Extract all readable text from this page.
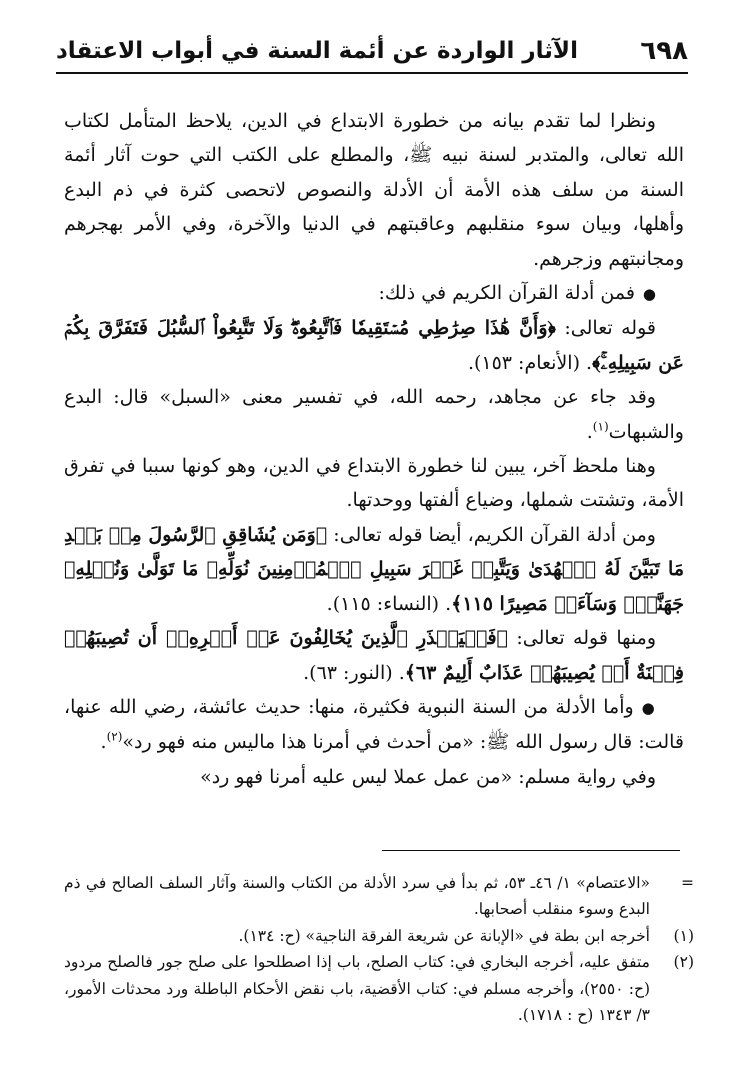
٦٩٨
الآثار الواردة عن أئمة السنة في أبواب الاعتقاد

ونظرا لما تقدم بيانه من خطورة الابتداع في الدين، يلاحظ المتأمل لكتاب الله تعالى، والمتدبر لسنة نبيه ﷺ، والمطلع على الكتب التي حوت آثار أئمة السنة من سلف هذه الأمة أن الأدلة والنصوص لاتحصى كثرة في ذم البدع وأهلها، وبيان سوء منقلبهم وعاقبتهم في الدنيا والآخرة، وفي الأمر بهجرهم ومجانبتهم وزجرهم.

● فمن أدلة القرآن الكريم في ذلك:

قوله تعالى: ﴿وَأَنَّ هَٰذَا صِرَٰطِي مُسۡتَقِيمٗا فَٱتَّبِعُوهُۖ وَلَا تَتَّبِعُواْ ٱلسُّبُلَ فَتَفَرَّقَ بِكُمۡ عَن سَبِيلِهِۦۚ﴾. (الأنعام: ١٥٣).

وقد جاء عن مجاهد، رحمه الله، في تفسير معنى «السبل» قال: البدع والشبهات$^{(١)}$.

وهنا ملحظ آخر، يبين لنا خطورة الابتداع في الدين، وهو كونها سببا في تفرق الأمة، وتشتت شملها، وضياع ألفتها ووحدتها.

ومن أدلة القرآن الكريم، أيضا قوله تعالى: ﴿وَمَن يُشَاقِقِ ٱلرَّسُولَ مِنۢ بَعۡدِ مَا تَبَيَّنَ لَهُ ٱلۡهُدَىٰ وَيَتَّبِعۡ غَيۡرَ سَبِيلِ ٱلۡمُؤۡمِنِينَ نُوَلِّهِۦ مَا تَوَلَّىٰ وَنُصۡلِهِۦ جَهَنَّمَۖ وَسَآءَتۡ مَصِيرًا ١١٥﴾. (النساء: ١١٥).

ومنها قوله تعالى: ﴿فَلۡيَحۡذَرِ ٱلَّذِينَ يُخَالِفُونَ عَنۡ أَمۡرِهِۦٓ أَن تُصِيبَهُمۡ فِتۡنَةٌ أَوۡ يُصِيبَهُمۡ عَذَابٌ أَلِيمٌ ٦٣﴾. (النور: ٦٣).

● وأما الأدلة من السنة النبوية فكثيرة، منها: حديث عائشة، رضي الله عنها، قالت: قال رسول الله ﷺ: «من أحدث في أمرنا هذا ماليس منه فهو رد»$^{(٢)}$.

وفي رواية مسلم: «من عمل عملا ليس عليه أمرنا فهو رد»

=
«الاعتصام» ١/ ٤٦ـ ٥٣، ثم بدأ في سرد الأدلة من الكتاب والسنة وآثار السلف الصالح في ذم البدع وسوء منقلب أصحابها.
(١)
أخرجه ابن بطة في «الإبانة عن شريعة الفرقة الناجية» (ح: ١٣٤).
(٢)
متفق عليه، أخرجه البخاري في: كتاب الصلح، باب إذا اصطلحوا على صلح جور فالصلح مردود (ح: ٢٥٥٠)، وأخرجه مسلم في: كتاب الأقضية، باب نقض الأحكام الباطلة ورد محدثات الأمور، ٣/ ١٣٤٣ (ح : ١٧١٨).
